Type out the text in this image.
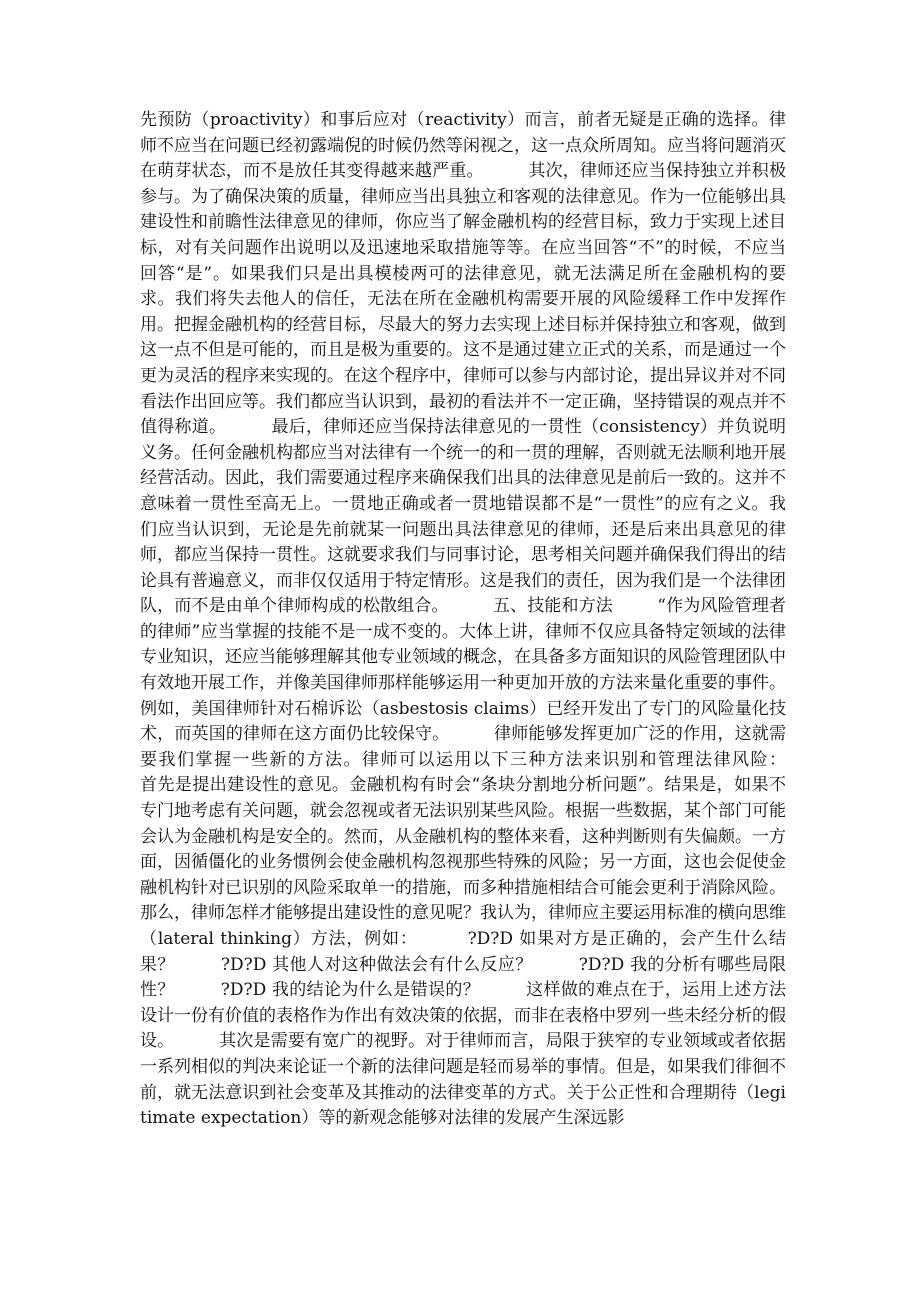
先预防（proactivity）和事后应对（reactivity）而言，前者无疑是正确的选择。律师不应当在问题已经初露端倪的时候仍然等闲视之，这一点众所周知。应当将问题消灭在萌芽状态，而不是放任其变得越来越严重。        其次，律师还应当保持独立并积极参与。为了确保决策的质量，律师应当出具独立和客观的法律意见。作为一位能够出具建设性和前瞻性法律意见的律师，你应当了解金融机构的经营目标，致力于实现上述目标，对有关问题作出说明以及迅速地采取措施等等。在应当回答“不”的时候，不应当回答“是”。如果我们只是出具模棱两可的法律意见，就无法满足所在金融机构的要求。我们将失去他人的信任，无法在所在金融机构需要开展的风险缓释工作中发挥作用。把握金融机构的经营目标，尽最大的努力去实现上述目标并保持独立和客观，做到这一点不但是可能的，而且是极为重要的。这不是通过建立正式的关系，而是通过一个更为灵活的程序来实现的。在这个程序中，律师可以参与内部讨论，提出异议并对不同看法作出回应等。我们都应当认识到，最初的看法并不一定正确，坚持错误的观点并不值得称道。        最后，律师还应当保持法律意见的一贯性（consistency）并负说明义务。任何金融机构都应当对法律有一个统一的和一贯的理解，否则就无法顺利地开展经营活动。因此，我们需要通过程序来确保我们出具的法律意见是前后一致的。这并不意味着一贯性至高无上。一贯地正确或者一贯地错误都不是“一贯性”的应有之义。我们应当认识到，无论是先前就某一问题出具法律意见的律师，还是后来出具意见的律师，都应当保持一贯性。这就要求我们与同事讨论，思考相关问题并确保我们得出的结论具有普遍意义，而非仅仅适用于特定情形。这是我们的责任，因为我们是一个法律团队，而不是由单个律师构成的松散组合。        五、技能和方法        “作为风险管理者的律师”应当掌握的技能不是一成不变的。大体上讲，律师不仅应具备特定领域的法律专业知识，还应当能够理解其他专业领域的概念，在具备多方面知识的风险管理团队中有效地开展工作，并像美国律师那样能够运用一种更加开放的方法来量化重要的事件。例如，美国律师针对石棉诉讼（asbestosis claims）已经开发出了专门的风险量化技术，而英国的律师在这方面仍比较保守。        律师能够发挥更加广泛的作用，这就需要我们掌握一些新的方法。律师可以运用以下三种方法来识别和管理法律风险：        首先是提出建设性的意见。金融机构有时会“条块分割地分析问题”。结果是，如果不专门地考虑有关问题，就会忽视或者无法识别某些风险。根据一些数据，某个部门可能会认为金融机构是安全的。然而，从金融机构的整体来看，这种判断则有失偏颇。一方面，因循僵化的业务惯例会使金融机构忽视那些特殊的风险；另一方面，这也会促使金融机构针对已识别的风险采取单一的措施，而多种措施相结合可能会更利于消除风险。        那么，律师怎样才能够提出建设性的意见呢？我认为，律师应主要运用标准的横向思维（lateral thinking）方法，例如：        ?D?D 如果对方是正确的，会产生什么结果？        ?D?D 其他人对这种做法会有什么反应？        ?D?D 我的分析有哪些局限性？        ?D?D 我的结论为什么是错误的？        这样做的难点在于，运用上述方法设计一份有价值的表格作为作出有效决策的依据，而非在表格中罗列一些未经分析的假设。        其次是需要有宽广的视野。对于律师而言，局限于狭窄的专业领域或者依据一系列相似的判决来论证一个新的法律问题是轻而易举的事情。但是，如果我们徘徊不前，就无法意识到社会变革及其推动的法律变革的方式。关于公正性和合理期待（legitimate expectation）等的新观念能够对法律的发展产生深远影
